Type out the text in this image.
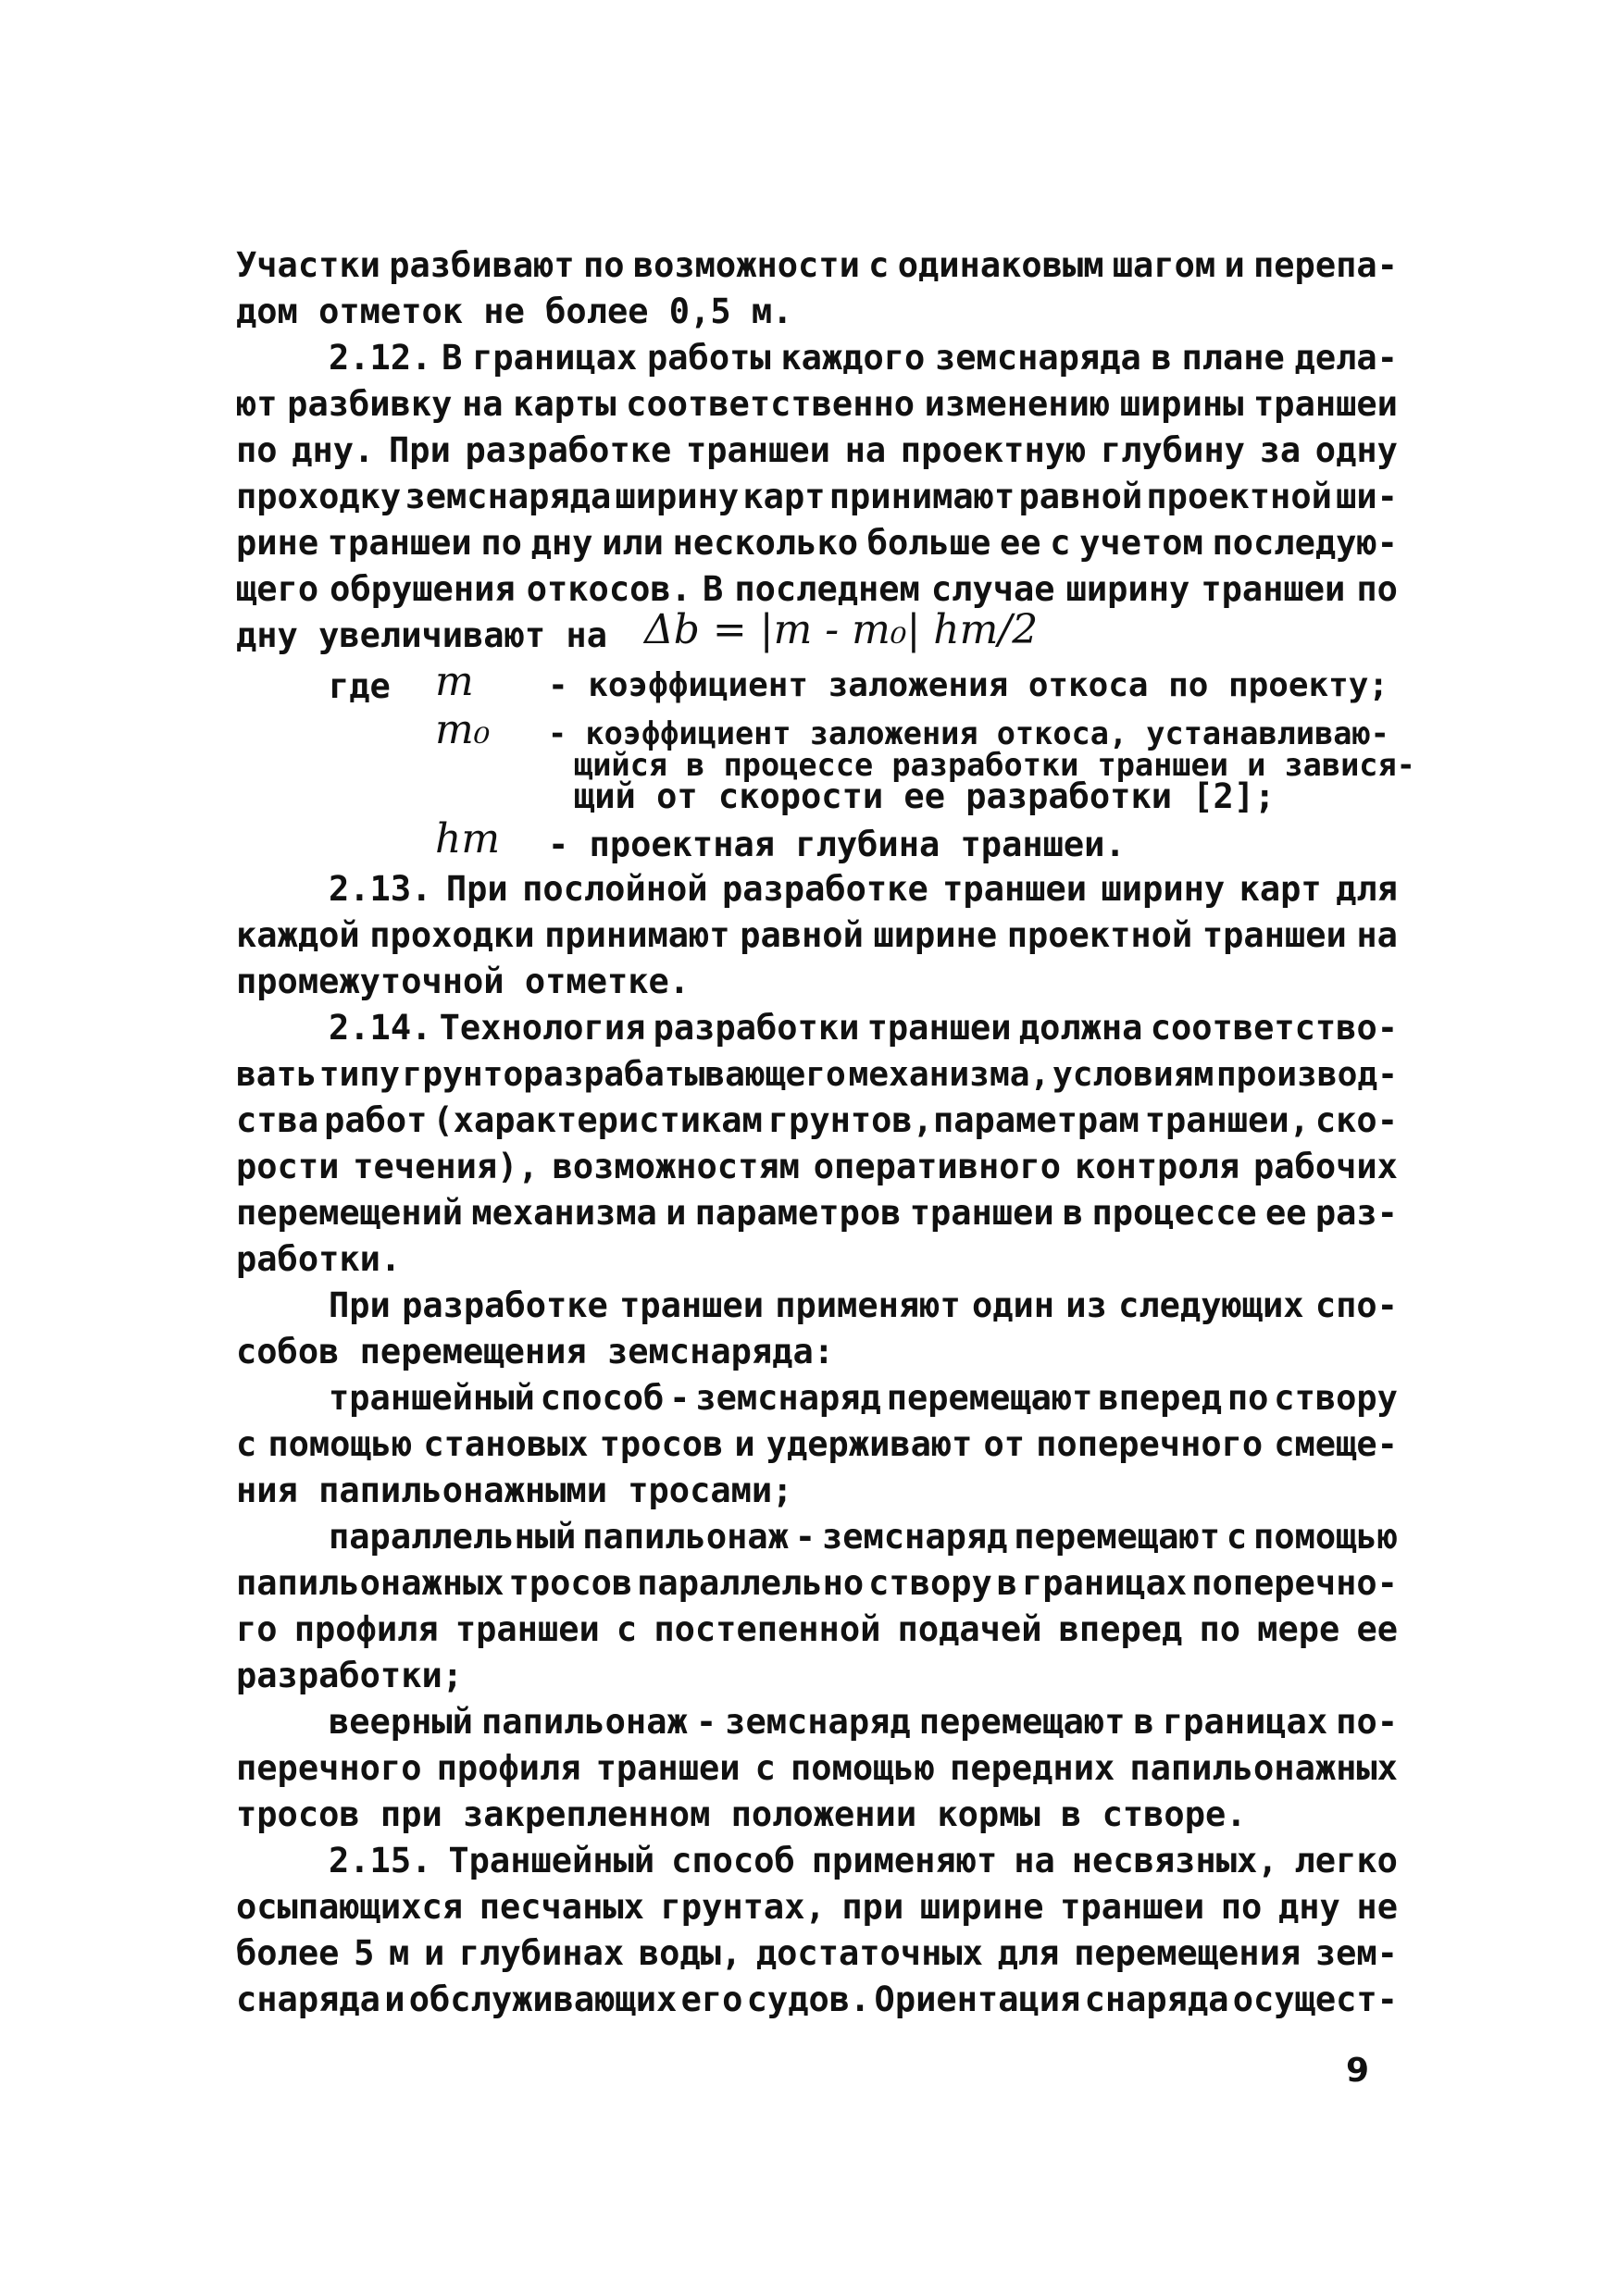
Участки разбивают по возможности с одинаковым шагом и перепа-
дом отметок не более 0,5 м.
2.12. В границах работы каждого земснаряда в плане дела-
ют разбивку на карты соответственно изменению ширины траншеи
по дну. При разработке траншеи на проектную глубину за одну
проходку земснаряда ширину карт принимают равной проектной ши-
рине траншеи по дну или несколько больше ее с учетом последую-
щего обрушения откосов. В последнем случае ширину траншеи по
дну увеличивают на Δb = |m - m₀| hт/2
где m	- коэффициент заложения откоса по проекту;
m₀	- коэффициент заложения откоса, устанавливаю-
щийся в процессе разработки траншеи и завися-
щий от скорости ее разработки [2];
hт - проектная глубина траншеи.
2.13. При послойной разработке траншеи ширину карт для
каждой проходки принимают равной ширине проектной траншеи на
промежуточной отметке.
2.14. Технология разработки траншеи должна соответство-
вать типу грунторазрабатывающего механизма, условиям производ-
ства работ (характеристикам грунтов,параметрам траншеи, ско-
рости течения), возможностям оперативного контроля рабочих
перемещений механизма и параметров траншеи в процессе ее раз-
работки.
При разработке траншеи применяют один из следующих спо-
собов перемещения земснаряда:
траншейный способ - земснаряд перемещают вперед по створу
с помощью становых тросов и удерживают от поперечного смеще-
ния папильонажными тросами;
параллельный папильонаж - земснаряд перемещают с помощью
папильонажных тросов параллельно створу в границах поперечно-
го профиля траншеи с постепенной подачей вперед по мере ее
разработки;
веерный папильонаж - земснаряд перемещают в границах по-
перечного профиля траншеи с помощью передних папильонажных
тросов при закрепленном положении кормы в створе.
2.15. Траншейный способ применяют на несвязных, легко
осыпающихся песчаных грунтах, при ширине траншеи по дну не
более 5 м и глубинах воды, достаточных для перемещения зем-
снаряда и обслуживающих его судов. Ориентация снаряда осущест-
9
